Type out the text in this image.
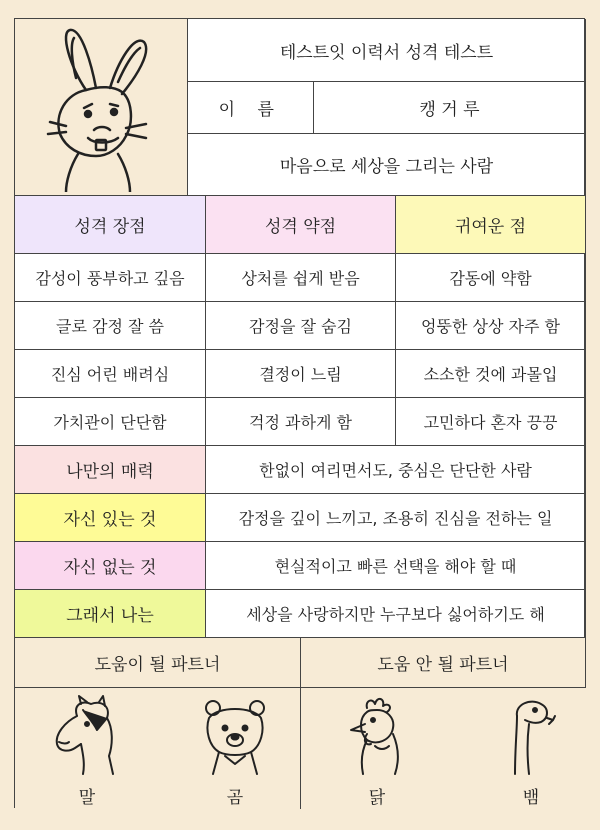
테스트잇 이력서 성격 테스트
이 름	캥 거 루
마음으로 세상을 그리는 사람
성격 장점	성격 약점	귀여운 점
감성이 풍부하고 깊음	상처를 쉽게 받음	감동에 약함
글로 감정 잘 씀	감정을 잘 숨김	엉뚱한 상상 자주 함
진심 어린 배려심	결정이 느림	소소한 것에 과몰입
가치관이 단단함	걱정 과하게 함	고민하다 혼자 끙끙
나만의 매력	한없이 여리면서도, 중심은 단단한 사람
자신 있는 것	감정을 깊이 느끼고, 조용히 진심을 전하는 일
자신 없는 것	현실적이고 빠른 선택을 해야 할 때
그래서 나는	세상을 사랑하지만 누구보다 싫어하기도 해
도움이 될 파트너	도움 안 될 파트너
말	곰	닭	뱀
